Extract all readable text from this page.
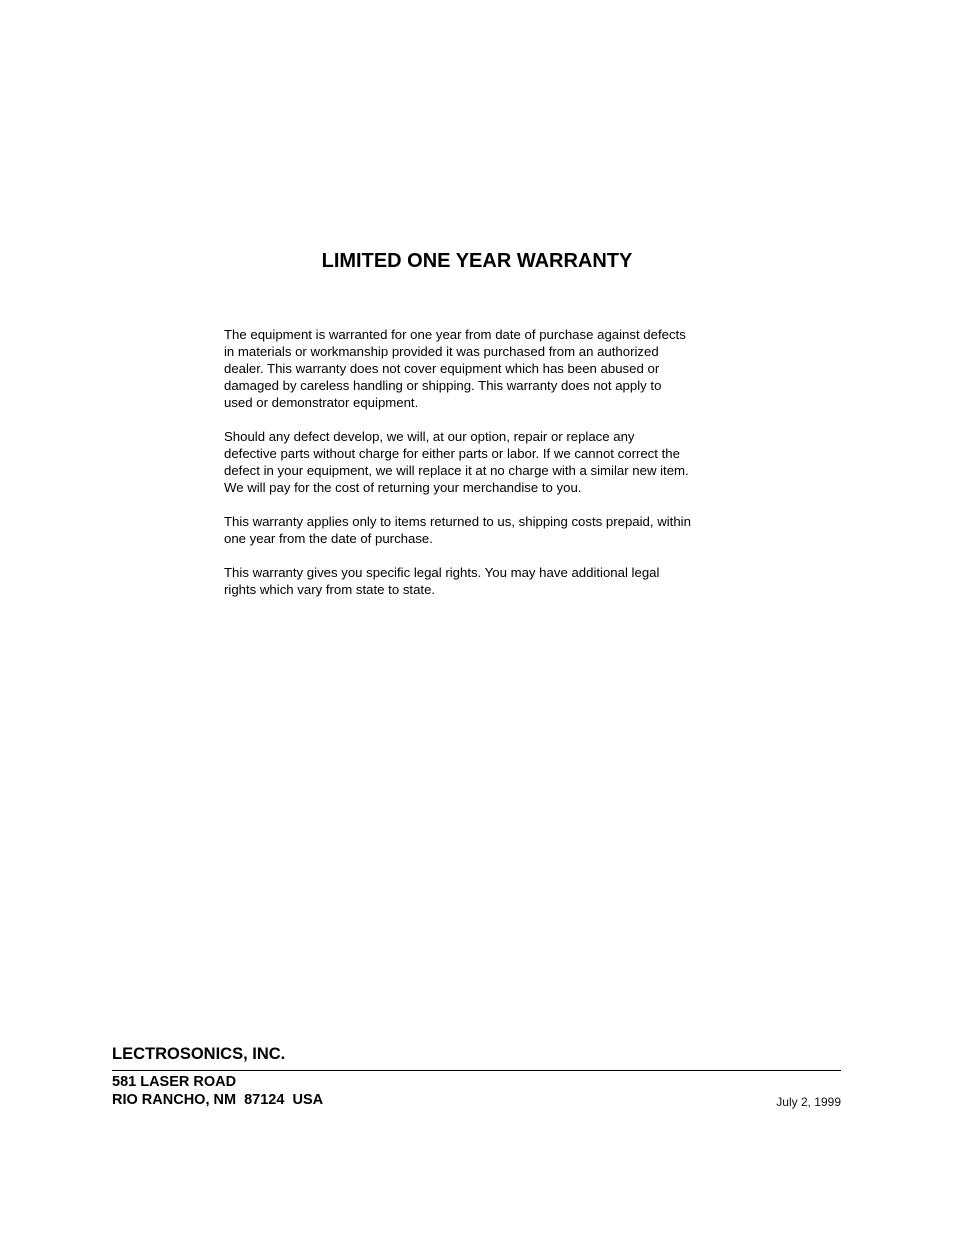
LIMITED ONE YEAR WARRANTY

The equipment is warranted for one year from date of purchase against defects
in materials or workmanship provided it was purchased from an authorized
dealer. This warranty does not cover equipment which has been abused or
damaged by careless handling or shipping. This warranty does not apply to
used or demonstrator equipment.

Should any defect develop, we will, at our option, repair or replace any
defective parts without charge for either parts or labor. If we cannot correct the
defect in your equipment, we will replace it at no charge with a similar new item.
We will pay for the cost of returning your merchandise to you.

This warranty applies only to items returned to us, shipping costs prepaid, within
one year from the date of purchase.

This warranty gives you specific legal rights. You may have additional legal
rights which vary from state to state.

LECTROSONICS, INC.
581 LASER ROAD
RIO RANCHO, NM  87124  USA	July 2, 1999
